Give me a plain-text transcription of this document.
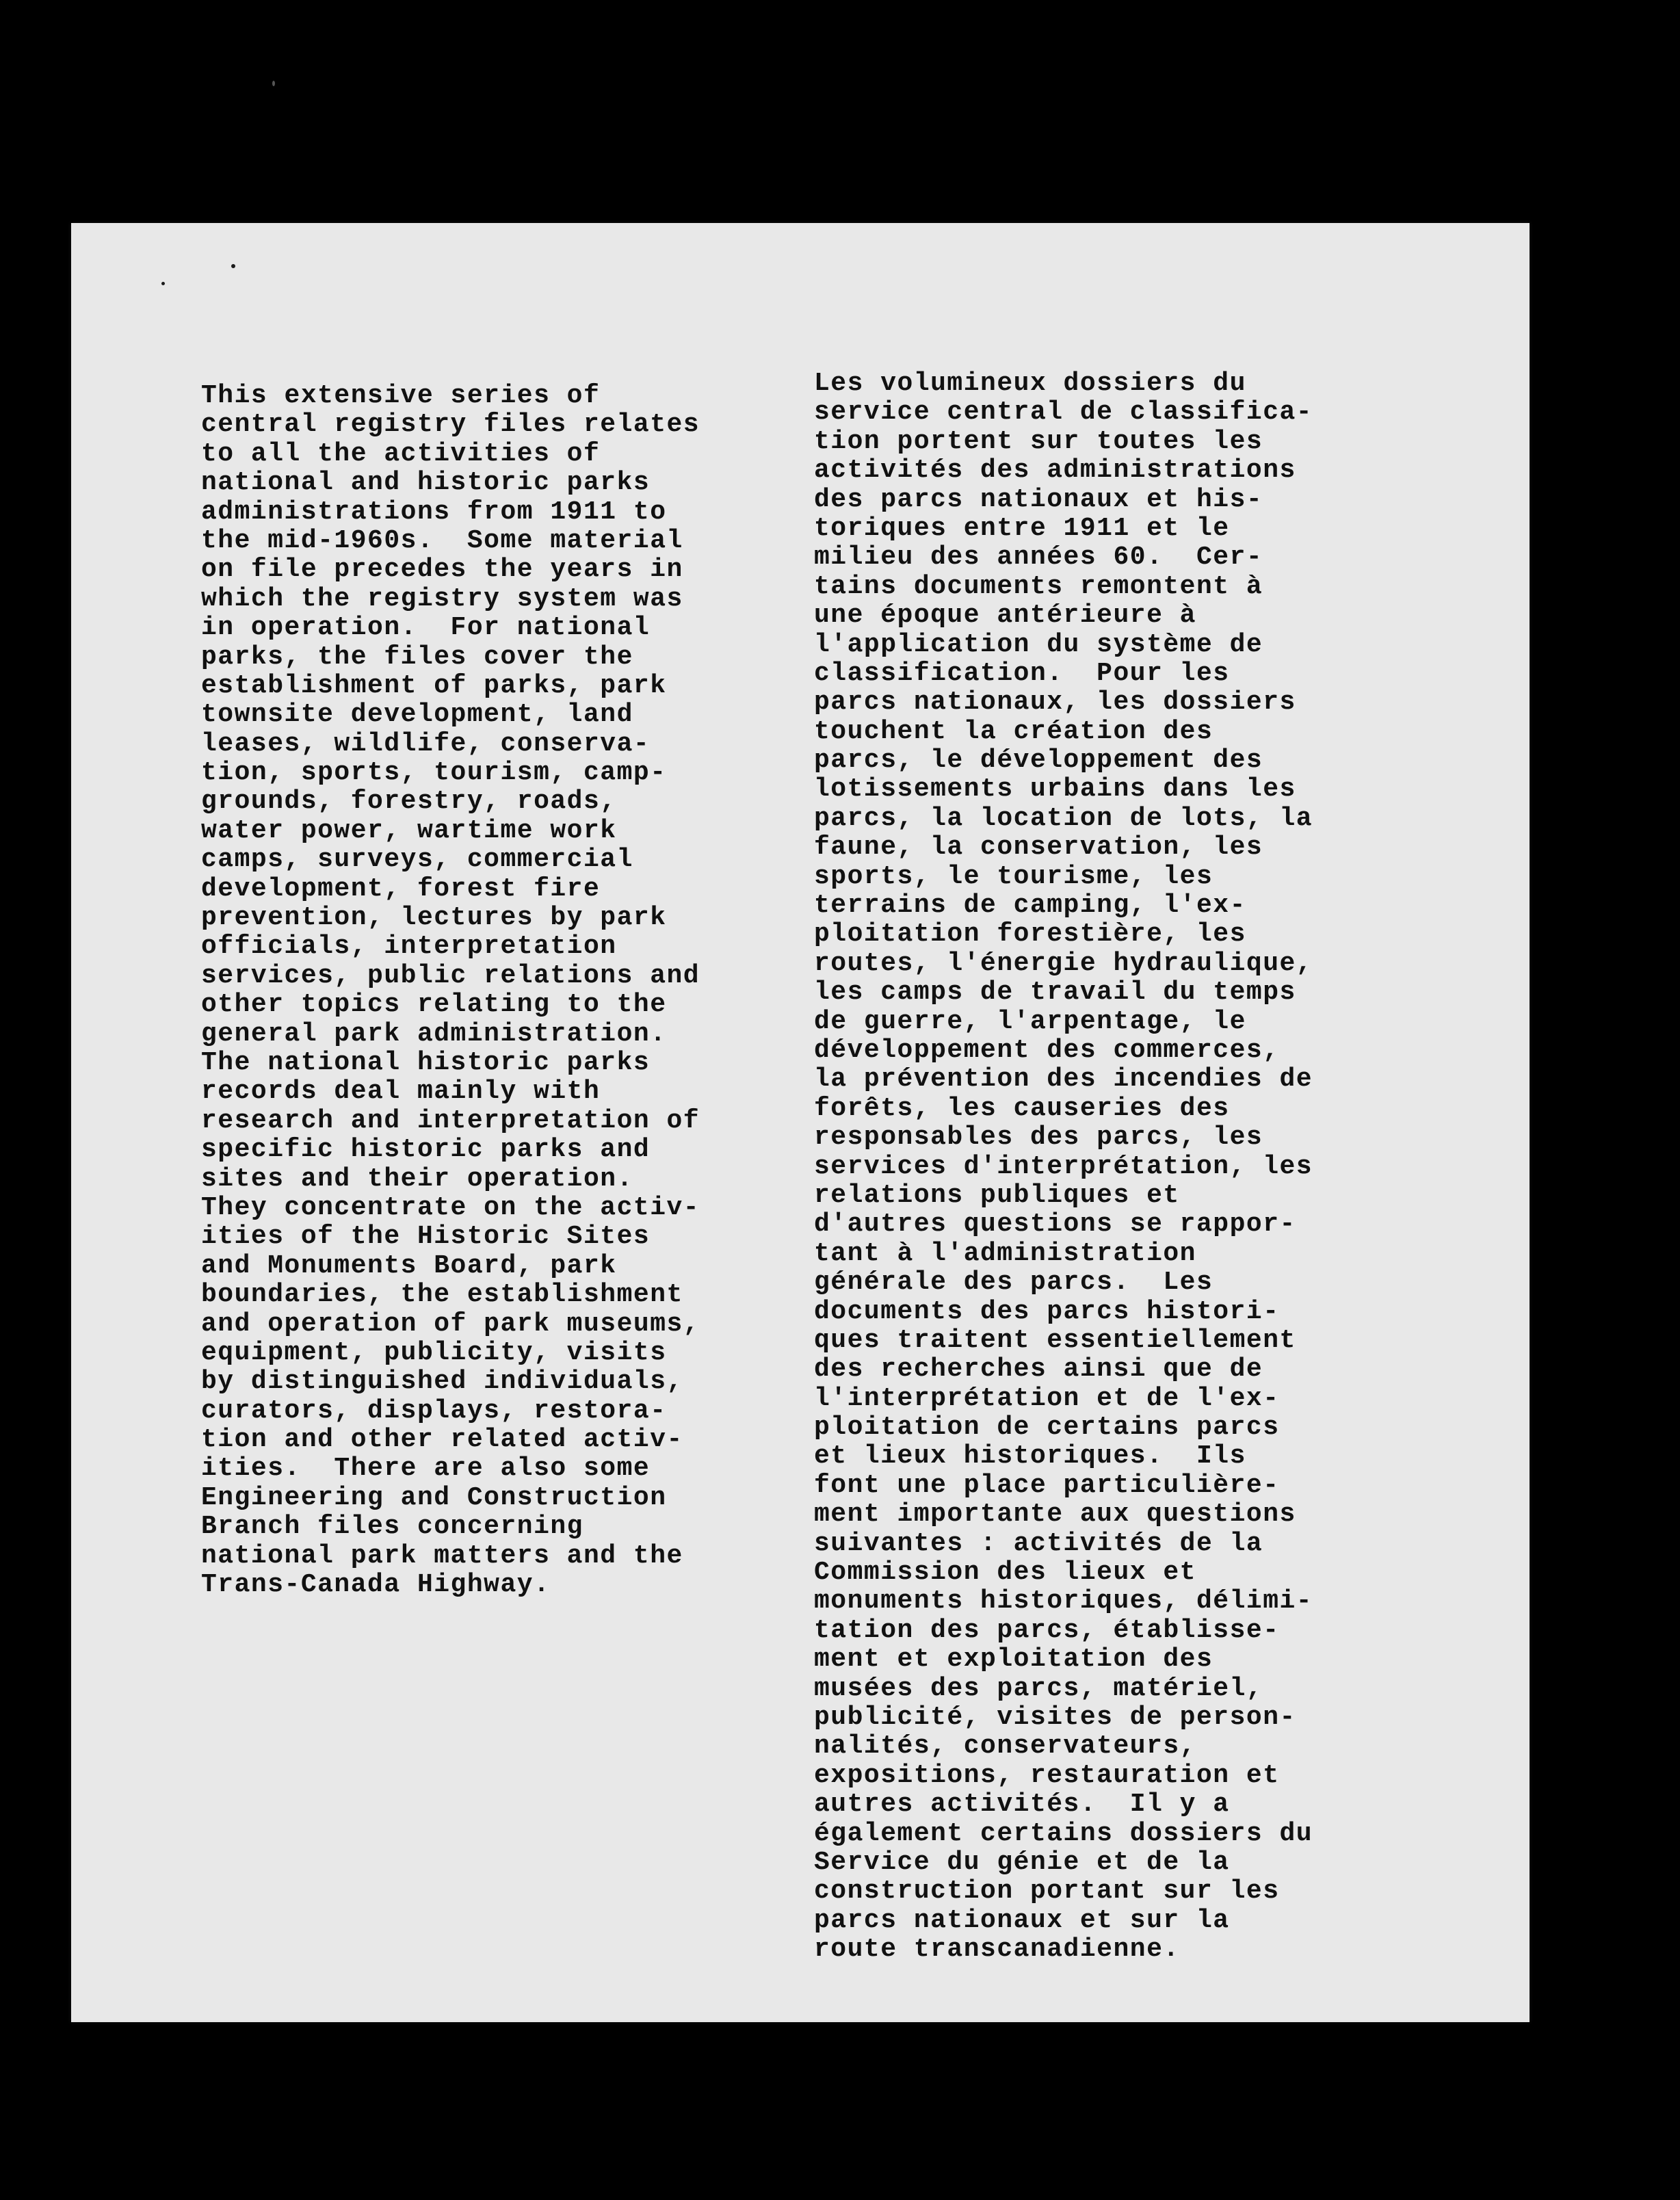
This extensive series of
central registry files relates
to all the activities of
national and historic parks
administrations from 1911 to
the mid-1960s.  Some material
on file precedes the years in
which the registry system was
in operation.  For national
parks, the files cover the
establishment of parks, park
townsite development, land
leases, wildlife, conserva-
tion, sports, tourism, camp-
grounds, forestry, roads,
water power, wartime work
camps, surveys, commercial
development, forest fire
prevention, lectures by park
officials, interpretation
services, public relations and
other topics relating to the
general park administration.
The national historic parks
records deal mainly with
research and interpretation of
specific historic parks and
sites and their operation.
They concentrate on the activ-
ities of the Historic Sites
and Monuments Board, park
boundaries, the establishment
and operation of park museums,
equipment, publicity, visits
by distinguished individuals,
curators, displays, restora-
tion and other related activ-
ities.  There are also some
Engineering and Construction
Branch files concerning
national park matters and the
Trans-Canada Highway.
Les volumineux dossiers du
service central de classifica-
tion portent sur toutes les
activités des administrations
des parcs nationaux et his-
toriques entre 1911 et le
milieu des années 60.  Cer-
tains documents remontent à
une époque antérieure à
l'application du système de
classification.  Pour les
parcs nationaux, les dossiers
touchent la création des
parcs, le développement des
lotissements urbains dans les
parcs, la location de lots, la
faune, la conservation, les
sports, le tourisme, les
terrains de camping, l'ex-
ploitation forestière, les
routes, l'énergie hydraulique,
les camps de travail du temps
de guerre, l'arpentage, le
développement des commerces,
la prévention des incendies de
forêts, les causeries des
responsables des parcs, les
services d'interprétation, les
relations publiques et
d'autres questions se rappor-
tant à l'administration
générale des parcs.  Les
documents des parcs histori-
ques traitent essentiellement
des recherches ainsi que de
l'interprétation et de l'ex-
ploitation de certains parcs
et lieux historiques.  Ils
font une place particulière-
ment importante aux questions
suivantes : activités de la
Commission des lieux et
monuments historiques, délimi-
tation des parcs, établisse-
ment et exploitation des
musées des parcs, matériel,
publicité, visites de person-
nalités, conservateurs,
expositions, restauration et
autres activités.  Il y a
également certains dossiers du
Service du génie et de la
construction portant sur les
parcs nationaux et sur la
route transcanadienne.
